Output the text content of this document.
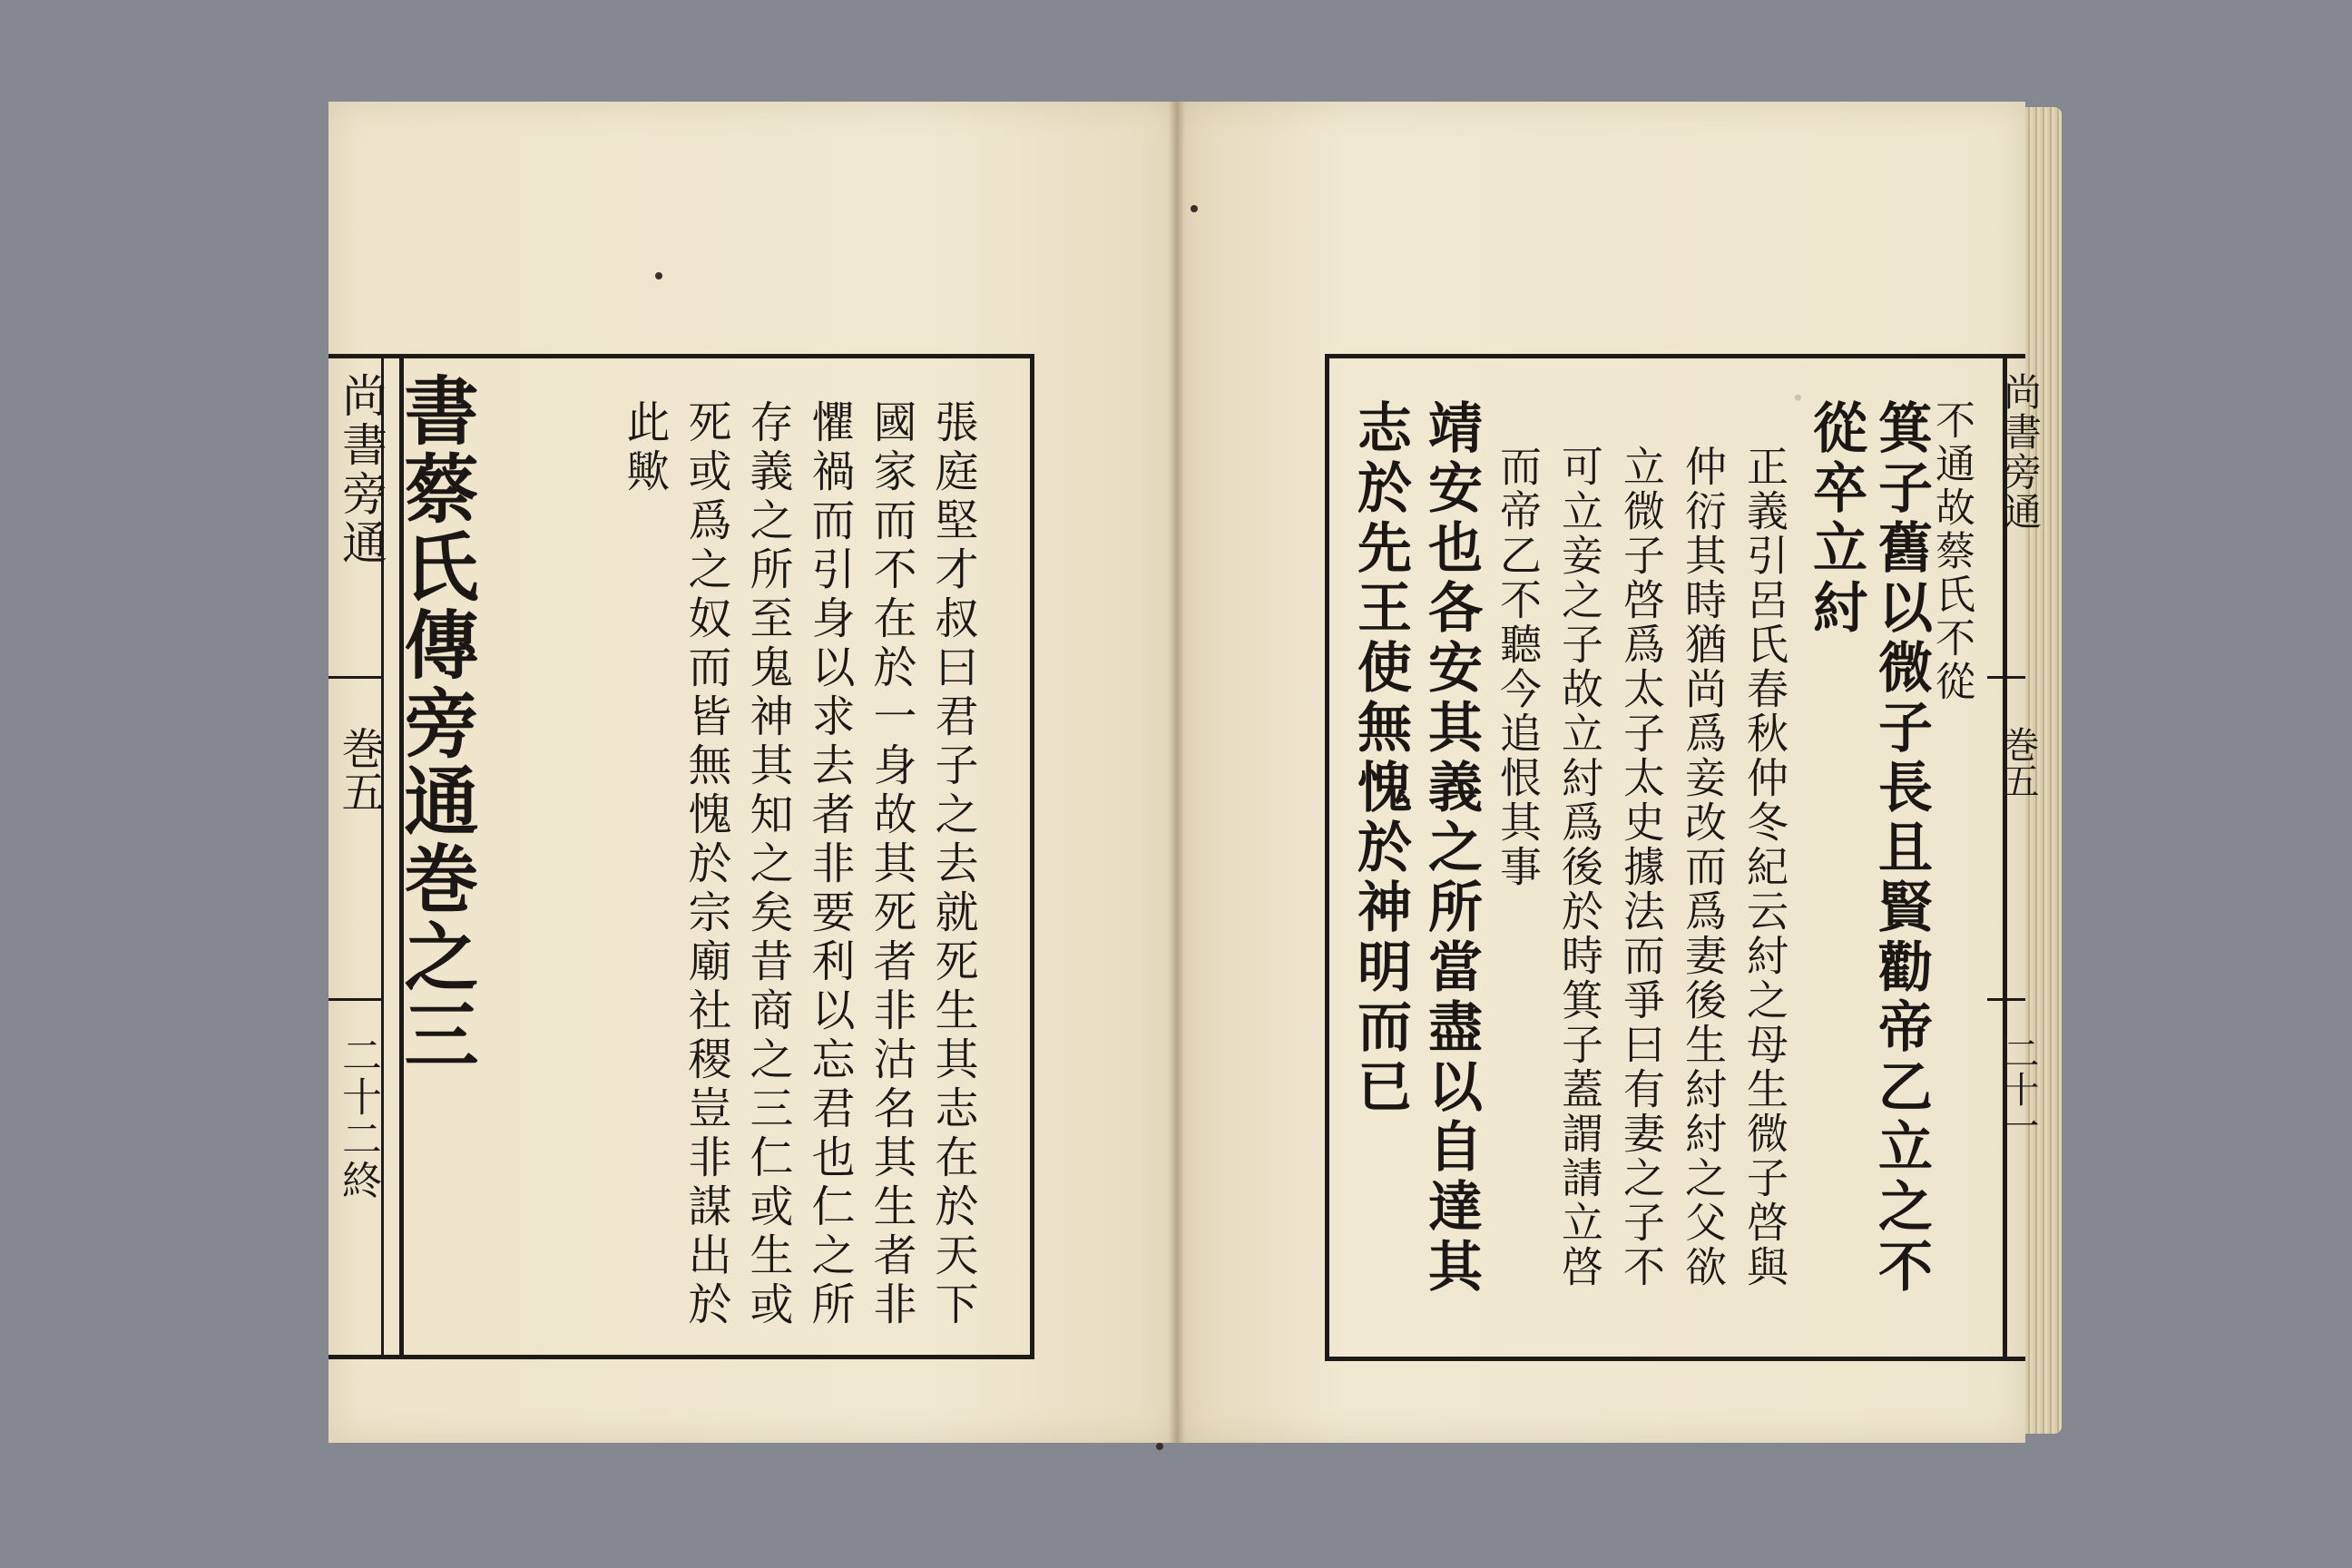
尚書旁通
巻五
二十二終
書蔡氏傳旁通巻之三	張庭堅才叔曰君子之去就死生其志在於天下
國家而不在於一身故其死者非沽名其生者非
懼禍而引身以求去者非要利以忘君也仁之所
存義之所至鬼神其知之矣昔商之三仁或生或
死或爲之奴而皆無愧於宗廟社稷豈非謀出於
此歟	尚書旁通
巻五
二十一
·	不通故蔡氏不從
箕子舊以微子長且賢勸帝乙立之不
從卒立紂
正義引呂氏春秋仲冬紀云紂之母生微子啓與
仲衍其時猶尚爲妾改而爲妻後生紂紂之父欲
立微子啓爲太子太史據法而爭曰有妻之子不
可立妾之子故立紂爲後於時箕子蓋謂請立啓
而帝乙不聽今追恨其事
靖安也各安其義之所當盡以自達其
志於先王使無愧於神明而已
